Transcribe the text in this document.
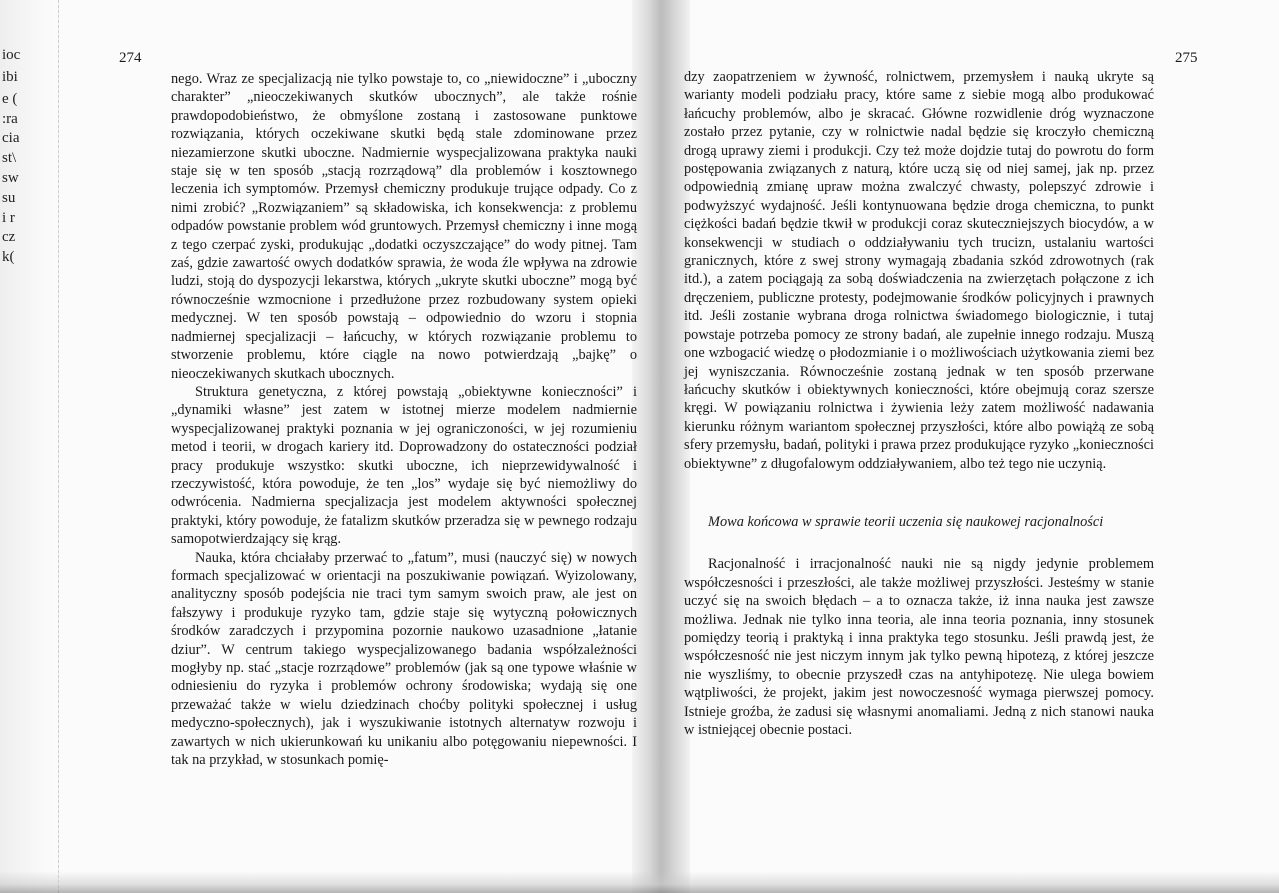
ioc
ibi
e (
:ra
cia
st\
sw
su
i r
cz
k(
274

nego. Wraz ze specjalizacją nie tylko powstaje to, co „niewidoczne” i „uboczny charakter” „nieoczekiwanych skutków ubocznych”, ale także rośnie prawdopodobieństwo, że obmyślone zostaną i zastosowane punktowe rozwiązania, których oczekiwane skutki będą stale zdominowane przez niezamierzone skutki uboczne. Nadmiernie wyspecjalizowana praktyka nauki staje się w ten sposób „stacją rozrządową” dla problemów i kosztownego leczenia ich symptomów. Przemysł chemiczny produkuje trujące odpady. Co z nimi zrobić? „Rozwiązaniem” są składowiska, ich konsekwencja: z problemu odpadów powstanie problem wód gruntowych. Przemysł chemiczny i inne mogą z tego czerpać zyski, produkując „dodatki oczyszczające” do wody pitnej. Tam zaś, gdzie zawartość owych dodatków sprawia, że woda źle wpływa na zdrowie ludzi, stoją do dyspozycji lekarstwa, których „ukryte skutki uboczne” mogą być równocześnie wzmocnione i przedłużone przez rozbudowany system opieki medycznej. W ten sposób powstają – odpowiednio do wzoru i stopnia nadmiernej specjalizacji – łańcuchy, w których rozwiązanie problemu to stworzenie problemu, które ciągle na nowo potwierdzają „bajkę” o nieoczekiwanych skutkach ubocznych.

Struktura genetyczna, z której powstają „obiektywne konieczności” i „dynamiki własne” jest zatem w istotnej mierze modelem nadmiernie wyspecjalizowanej praktyki poznania w jej ograniczoności, w jej rozumieniu metod i teorii, w drogach kariery itd. Doprowadzony do ostateczności podział pracy produkuje wszystko: skutki uboczne, ich nieprzewidywalność i rzeczywistość, która powoduje, że ten „los” wydaje się być niemożliwy do odwrócenia. Nadmierna specjalizacja jest modelem aktywności społecznej praktyki, który powoduje, że fatalizm skutków przeradza się w pewnego rodzaju samopotwierdzający się krąg.

Nauka, która chciałaby przerwać to „fatum”, musi (nauczyć się) w nowych formach specjalizować w orientacji na poszukiwanie powiązań. Wyizolowany, analityczny sposób podejścia nie traci tym samym swoich praw, ale jest on fałszywy i produkuje ryzyko tam, gdzie staje się wytyczną połowicznych środków zaradczych i przypomina pozornie naukowo uzasadnione „łatanie dziur”. W centrum takiego wyspecjalizowanego badania współzależności mogłyby np. stać „stacje rozrządowe” problemów (jak są one typowe właśnie w odniesieniu do ryzyka i problemów ochrony środowiska; wydają się one przeważać także w wielu dziedzinach choćby polityki społecznej i usług medyczno-społecznych), jak i wyszukiwanie istotnych alternatyw rozwoju i zawartych w nich ukierunkowań ku unikaniu albo potęgowaniu niepewności. I tak na przykład, w stosunkach pomię-

275

dzy zaopatrzeniem w żywność, rolnictwem, przemysłem i nauką ukryte są warianty modeli podziału pracy, które same z siebie mogą albo produkować łańcuchy problemów, albo je skracać. Główne rozwidlenie dróg wyznaczone zostało przez pytanie, czy w rolnictwie nadal będzie się kroczyło chemiczną drogą uprawy ziemi i produkcji. Czy też może dojdzie tutaj do powrotu do form postępowania związanych z naturą, które uczą się od niej samej, jak np. przez odpowiednią zmianę upraw można zwalczyć chwasty, polepszyć zdrowie i podwyższyć wydajność. Jeśli kontynuowana będzie droga chemiczna, to punkt ciężkości badań będzie tkwił w produkcji coraz skuteczniejszych biocydów, a w konsekwencji w studiach o oddziaływaniu tych trucizn, ustalaniu wartości granicznych, które z swej strony wymagają zbadania szkód zdrowotnych (rak itd.), a zatem pociągają za sobą doświadczenia na zwierzętach połączone z ich dręczeniem, publiczne protesty, podejmowanie środków policyjnych i prawnych itd. Jeśli zostanie wybrana droga rolnictwa świadomego biologicznie, i tutaj powstaje potrzeba pomocy ze strony badań, ale zupełnie innego rodzaju. Muszą one wzbogacić wiedzę o płodozmianie i o możliwościach użytkowania ziemi bez jej wyniszczania. Równocześnie zostaną jednak w ten sposób przerwane łańcuchy skutków i obiektywnych konieczności, które obejmują coraz szersze kręgi. W powiązaniu rolnictwa i żywienia leży zatem możliwość nadawania kierunku różnym wariantom społecznej przyszłości, które albo powiążą ze sobą sfery przemysłu, badań, polityki i prawa przez produkujące ryzyko „konieczności obiektywne” z długofalowym oddziaływaniem, albo też tego nie uczynią.

Mowa końcowa w sprawie teorii uczenia się naukowej racjonalności

Racjonalność i irracjonalność nauki nie są nigdy jedynie problemem współczesności i przeszłości, ale także możliwej przyszłości. Jesteśmy w stanie uczyć się na swoich błędach – a to oznacza także, iż inna nauka jest zawsze możliwa. Jednak nie tylko inna teoria, ale inna teoria poznania, inny stosunek pomiędzy teorią i praktyką i inna praktyka tego stosunku. Jeśli prawdą jest, że współczesność nie jest niczym innym jak tylko pewną hipotezą, z której jeszcze nie wyszliśmy, to obecnie przyszedł czas na antyhipotezę. Nie ulega bowiem wątpliwości, że projekt, jakim jest nowoczesność wymaga pierwszej pomocy. Istnieje groźba, że zadusi się własnymi anomaliami. Jedną z nich stanowi nauka w istniejącej obecnie postaci.
